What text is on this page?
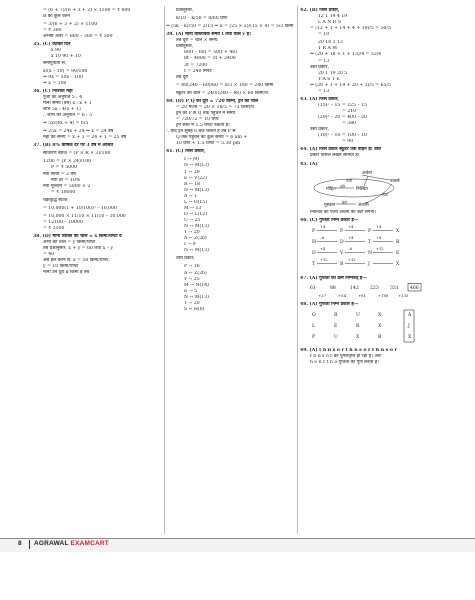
= (6 + 7)/(6 + 3 + 2) × 1100 = ₹ 800
B का कुल वेतन
= 3/(6 + 3 + 2) × 1100
= ₹ 300
अभीष्ट अंतर = 800 – 300 = ₹ 500
35. (C) व्यक्ति दिन
x 90
x 10 90 + 10
समानुपाती से,
x/(x – 10) = 90/100
⇒ 9x = 10x – 100
⇒ x = 100
36. (C) निश्चित मेहा
पूँजी का अनुपात 5 : 4
माना समय (वर्ष) x : x + 1
लाभ 5x : 4(x + 1)
∴ लाभ का अनुपात = 6 : 5
⇒ 5x/(4x + 4) = 6/5
⇒ 25x = 24x + 24 ⇒ x = 24 वर्ष
मेहा का समय = x + 1 = 24 + 1 = 25 वर्ष
37. (B) 8% वार्षिक दर पर 3 वर्ष में अर्जित
साधारण ब्याज = (P × R × 3)/100
1200 = (P × 24)/100
P = ₹ 5000
नया समय = 2 वर्ष
नयी दर = 10%
नया मूलधन = 5000 × 2
= ₹ 10000
चक्रवृद्धि ब्याज
= 10,000(1 + 10/100)² – 10,000
= 10,000 × 11/10 × 11/10 – 10,000
= 12100 – 10000
= ₹ 2100
38. (D) माना व्यक्ति की चाल = x किमी/घण्टा व
अभ्य की चाल = y किमी/घण्टा
तब प्रश्नानुसार, x + y = 60 तथा x – y
= 40
अब हल करने से, x = 50 किमी/घण्टा,
y = 10 किमी/घण्टा
माना उन दूरी k किमी है तब
प्रश्नानुसार,
k/10 – k/50 = 8/60 घण्टे
⇒ (5k – k)/50 = 2/15 ⇒ k = (25 × 2)/(15 × 4) = 5/3 किमी
39. (A) माना वास्तविक समय t तथा चाल v है।
तब दूरी = चाल × समय
प्रश्नानुसार,
80(t – 60) = 50(t + 48)
8t – 4800 = 5t + 2400
3t = 7200
t = 240 मिनट
तब दूरी
= 80(240 – 60)/60 = 8/3 × 180 = 240 किमी
स्कूटर की चाल = 240/(240 – 48) × 60 किमी/घ.
40. (D) P Q की दूरी = 720 किमी, ट्रेन की चाल
= 20 मी/से = 20 × 18/5 = 72 किमी/घं
ट्रेन को P से Q तक पहुँचने में समय
= 720/72 = 10 घण्टे
ट्रेन रास्ते में 1.5 घण्टा रुकती है।
∴ यदि ट्रेन सुबह 6 बजे चलती है तब P से
Q तक पहुँचने का कुल समय = 6 am +
10 घण्टे + 1.5 घण्टा = 5.30 pm
41. (C) जिस प्रकार,
I ↔ (9)
N ↔ M(13)
T ↔ 20
E ↔ V(22)
R ↔ 18
N ↔ M(13)
A → 1
L ↔ O(15)
M ↔ 13
O ↔ L(12)
U → 21
N ↔ M(13)
T → 20
A ↔ Z(26)
I → 9
N ↔ M(13)
उसी प्रकार,
P → 16
A ↔ Z(26)
Y → 25
M ↔ N(14)
E → 5
N ↔ M(13)
T → 20
S ↔ H(8)
42. (B) जिस प्रकार,
12 1 14 4 19
L A N D S
= (12 + 1 + 14 + 4 + 19)/5 = 50/5
= 10
20 18 1 13
T R A M
⇒ (20 + 18 + 1 + 13)/4 = 52/4
= 13
उसी प्रकार,
20 1 19 20 5
T A S T E
⇒ (20 + 1 + 19 + 20 + 5)/5 = 65/5
= 13
43. (A) जिस प्रकार,
(15)² – 15 = 225 – 15
= 210
(20)² – 20 = 400 – 20
= 380
उसी प्रकार,
(10)² – 10 = 100 – 10
= 90
44. (A) जिस प्रकार स्कूटर एक वाहन है। उसी
प्रकार पेंसिल लेखन सामग्री है।
45. (A)
अर्चना
उत्कर्ष
मोहित	निश्चित
मुस्कान	अंजलि
पत्नी
पिता
पति
बेटी
निश्चित की पत्नी अर्चना की बेटी लगेगी।
46. (C) गुप्तता निम्न प्रकार है—
P	P	P	X
H	D	T	R
D	V	N	E
T	B	J	X
+4	+4	+4
–6	+4	+4
+4	–6	+12
+12	+12
47. (A) गुप्तता का क्रम निम्नवत् है—
61	88	142 223 331 466
+27	+54	+81	+108	+135
48. (A) गुप्तता निम्न प्रकार है—
O	R	U	X
L	E	R	X
P	U	X	B
A
J
X
49. (A) t h n s o r t h n s o r t h n s o r
t h n s o r की पुनरावृत्ति हो रही है। अतः
h o n r t h o गुप्तता को पूर्ण करता है।
8 AGRAWAL EXAMCART
